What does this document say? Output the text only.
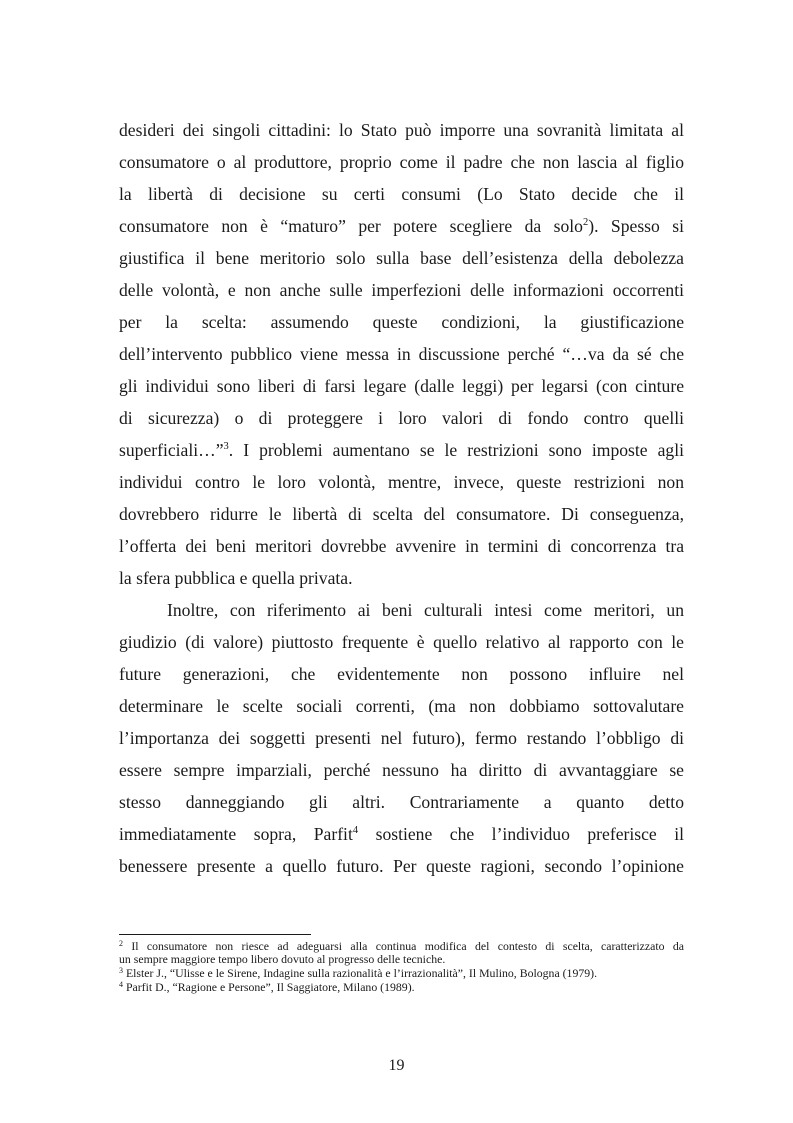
desideri dei singoli cittadini: lo Stato può imporre una sovranità limitata al
consumatore o al produttore, proprio come il padre che non lascia al figlio
la libertà di decisione su certi consumi (Lo Stato decide che il
consumatore non è “maturo” per potere scegliere da solo$^2$). Spesso si
giustifica il bene meritorio solo sulla base dell’esistenza della debolezza
delle volontà, e non anche sulle imperfezioni delle informazioni occorrenti
per la scelta: assumendo queste condizioni, la giustificazione
dell’intervento pubblico viene messa in discussione perché “…va da sé che
gli individui sono liberi di farsi legare (dalle leggi) per legarsi (con cinture
di sicurezza) o di proteggere i loro valori di fondo contro quelli
superficiali…”$^3$. I problemi aumentano se le restrizioni sono imposte agli
individui contro le loro volontà, mentre, invece, queste restrizioni non
dovrebbero ridurre le libertà di scelta del consumatore. Di conseguenza,
l’offerta dei beni meritori dovrebbe avvenire in termini di concorrenza tra
la sfera pubblica e quella privata.
Inoltre, con riferimento ai beni culturali intesi come meritori, un
giudizio (di valore) piuttosto frequente è quello relativo al rapporto con le
future generazioni, che evidentemente non possono influire nel
determinare le scelte sociali correnti, (ma non dobbiamo sottovalutare
l’importanza dei soggetti presenti nel futuro), fermo restando l’obbligo di
essere sempre imparziali, perché nessuno ha diritto di avvantaggiare se
stesso danneggiando gli altri. Contrariamente a quanto detto
immediatamente sopra, Parfit$^4$ sostiene che l’individuo preferisce il
benessere presente a quello futuro. Per queste ragioni, secondo l’opinione
$^2$ Il consumatore non riesce ad adeguarsi alla continua modifica del contesto di scelta, caratterizzato da
un sempre maggiore tempo libero dovuto al progresso delle tecniche.
$^3$ Elster J., “Ulisse e le Sirene, Indagine sulla razionalità e l’irrazionalità”, Il Mulino, Bologna (1979).
$^4$ Parfit D., “Ragione e Persone”, Il Saggiatore, Milano (1989).
19
